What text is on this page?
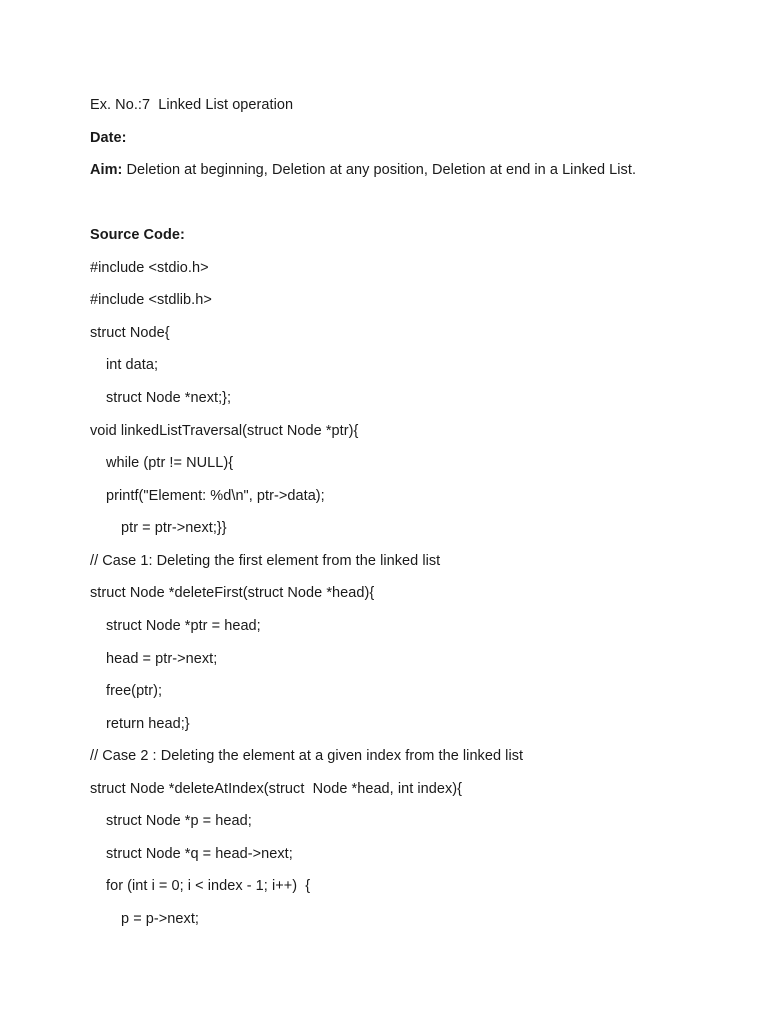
Ex. No.:7  Linked List operation
Date:
Aim: Deletion at beginning, Deletion at any position, Deletion at end in a Linked List.
Source Code:
#include <stdio.h>
#include <stdlib.h>
struct Node{
int data;
struct Node *next;};
void linkedListTraversal(struct Node *ptr){
while (ptr != NULL){
printf("Element: %d\n", ptr->data);
ptr = ptr->next;}}
// Case 1: Deleting the first element from the linked list
struct Node *deleteFirst(struct Node *head){
struct Node *ptr = head;
head = ptr->next;
free(ptr);
return head;}
// Case 2 : Deleting the element at a given index from the linked list
struct Node *deleteAtIndex(struct  Node *head, int index){
struct Node *p = head;
struct Node *q = head->next;
for (int i = 0; i < index - 1; i++)  {
p = p->next;
